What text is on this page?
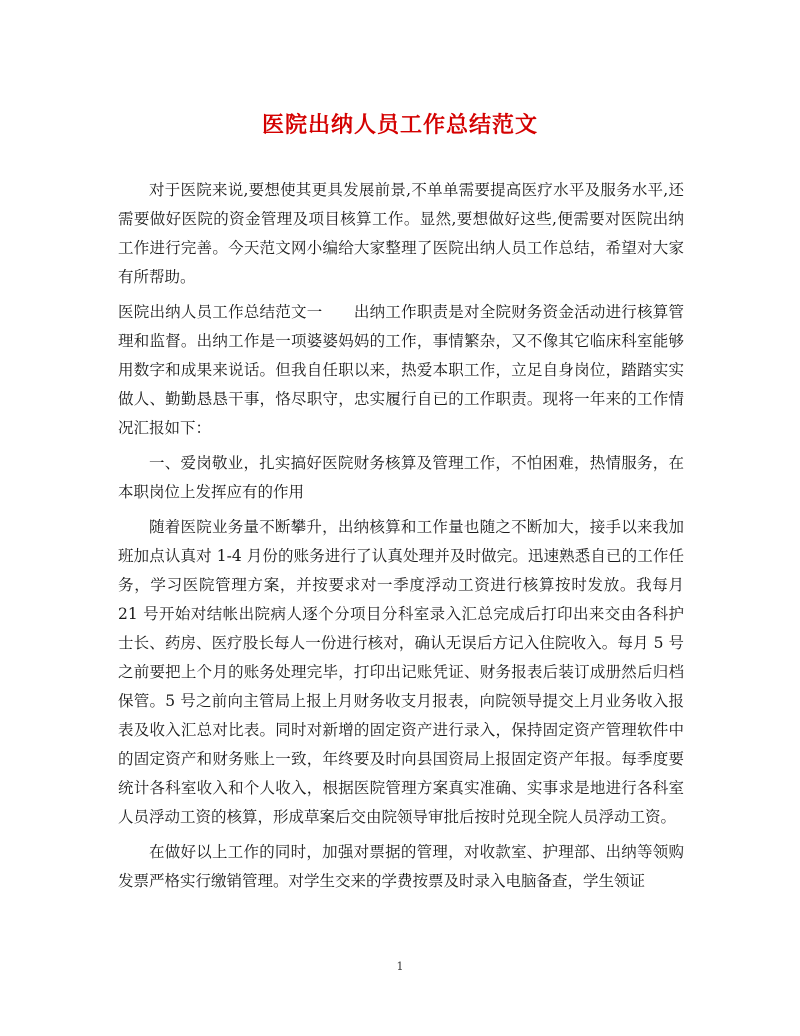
医院出纳人员工作总结范文

对于医院来说,要想使其更具发展前景,不单单需要提高医疗水平及服务水平,还需要做好医院的资金管理及项目核算工作。显然,要想做好这些,便需要对医院出纳工作进行完善。今天范文网小编给大家整理了医院出纳人员工作总结，希望对大家有所帮助。

医院出纳人员工作总结范文一　　出纳工作职责是对全院财务资金活动进行核算管理和监督。出纳工作是一项婆婆妈妈的工作，事情繁杂，又不像其它临床科室能够用数字和成果来说话。但我自任职以来，热爱本职工作，立足自身岗位，踏踏实实做人、勤勤恳恳干事，恪尽职守，忠实履行自已的工作职责。现将一年来的工作情况汇报如下：

一、爱岗敬业，扎实搞好医院财务核算及管理工作，不怕困难，热情服务，在本职岗位上发挥应有的作用

随着医院业务量不断攀升，出纳核算和工作量也随之不断加大，接手以来我加班加点认真对 1-4 月份的账务进行了认真处理并及时做完。迅速熟悉自已的工作任务，学习医院管理方案，并按要求对一季度浮动工资进行核算按时发放。我每月 21 号开始对结帐出院病人逐个分项目分科室录入汇总完成后打印出来交由各科护士长、药房、医疗股长每人一份进行核对，确认无误后方记入住院收入。每月 5 号之前要把上个月的账务处理完毕，打印出记账凭证、财务报表后装订成册然后归档保管。5 号之前向主管局上报上月财务收支月报表，向院领导提交上月业务收入报表及收入汇总对比表。同时对新增的固定资产进行录入，保持固定资产管理软件中的固定资产和财务账上一致，年终要及时向县国资局上报固定资产年报。每季度要统计各科室收入和个人收入，根据医院管理方案真实准确、实事求是地进行各科室人员浮动工资的核算，形成草案后交由院领导审批后按时兑现全院人员浮动工资。

在做好以上工作的同时，加强对票据的管理，对收款室、护理部、出纳等领购发票严格实行缴销管理。对学生交来的学费按票及时录入电脑备查，学生领证

1
